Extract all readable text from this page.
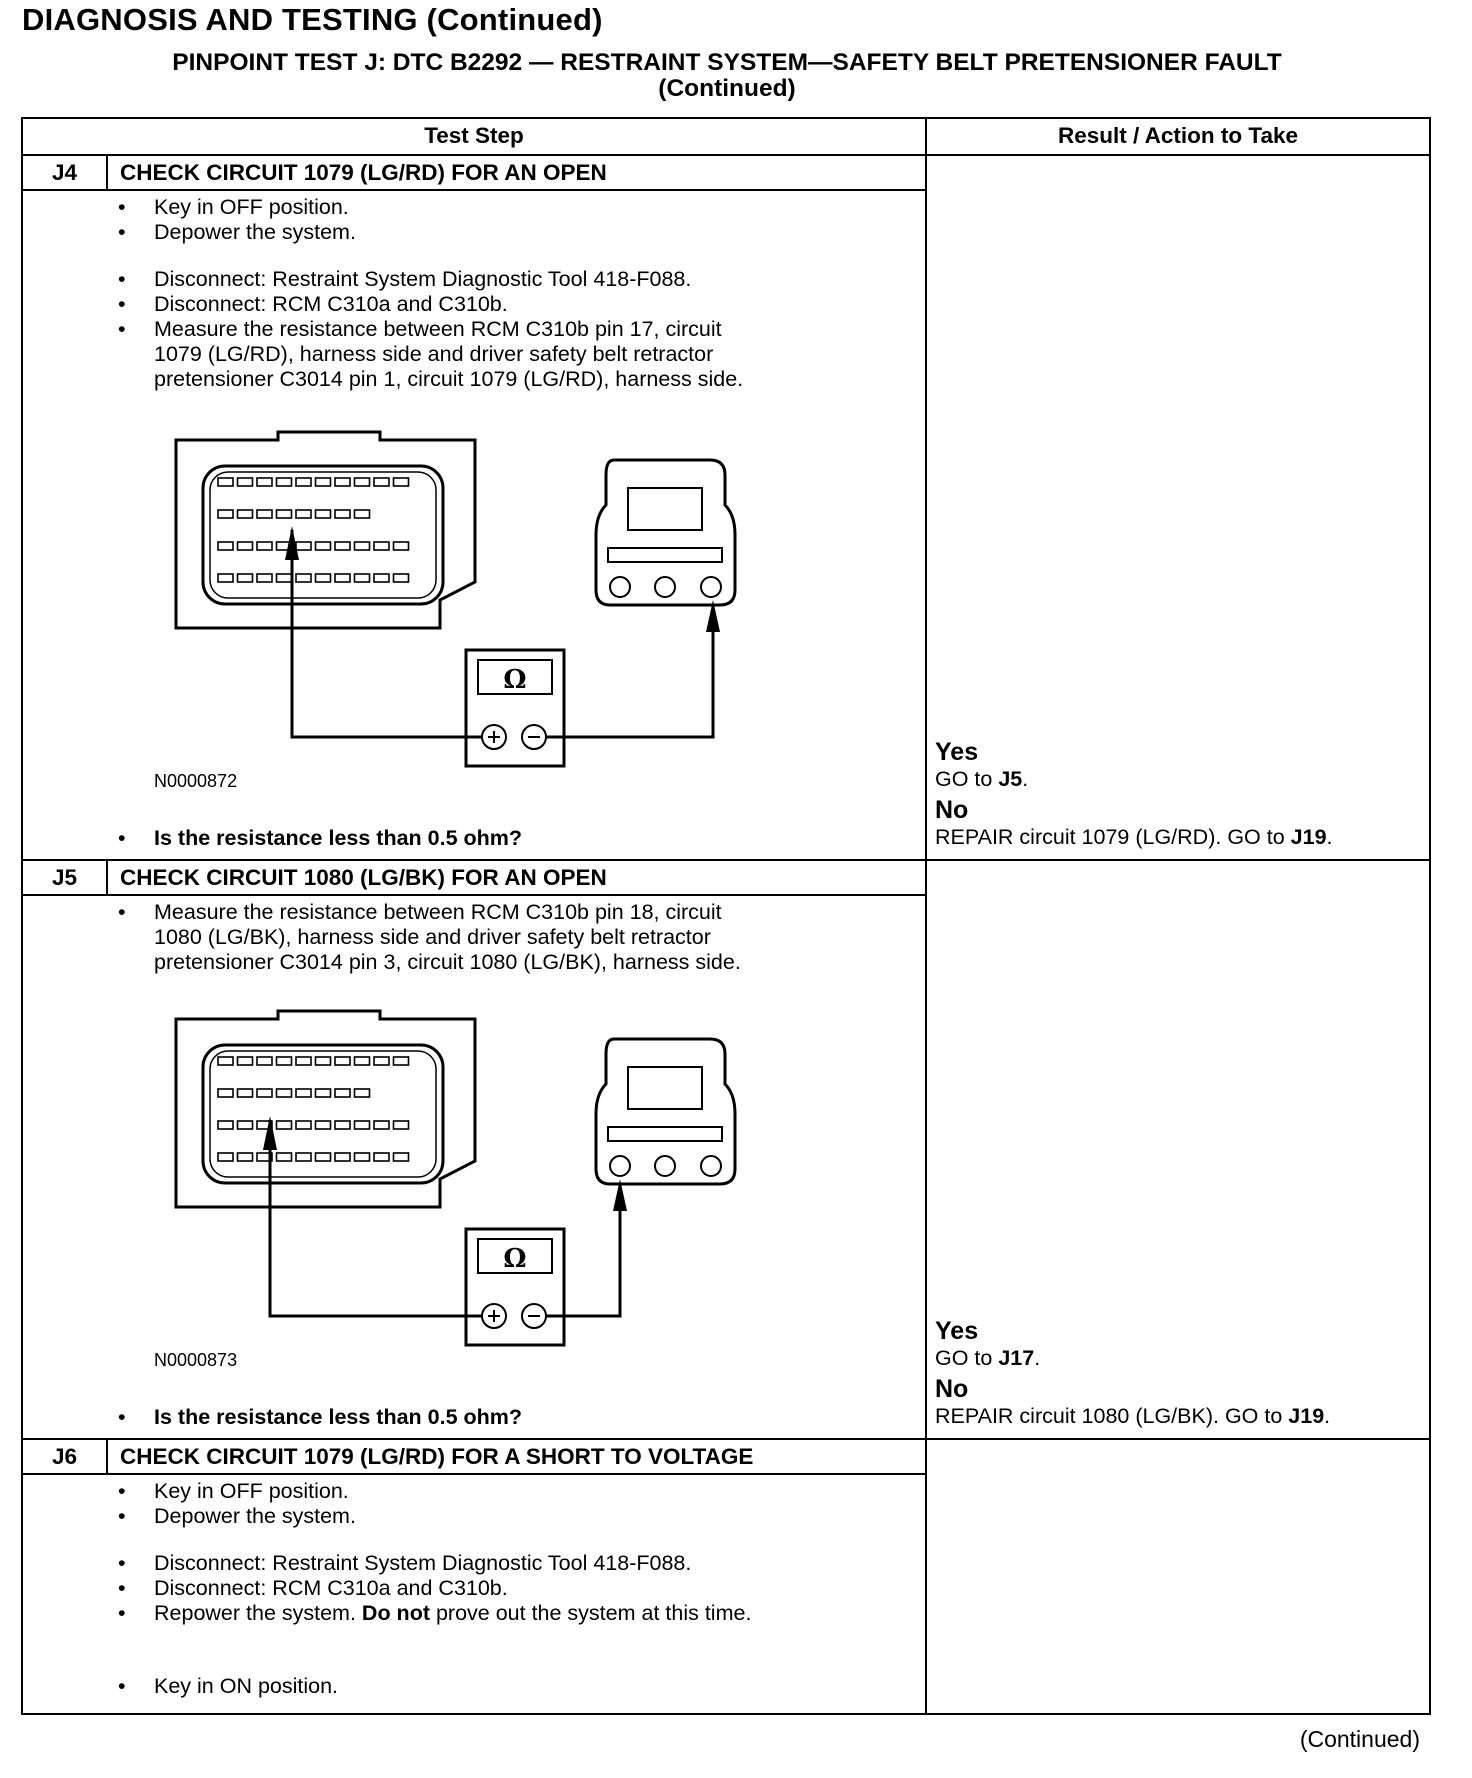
DIAGNOSIS AND TESTING (Continued)
PINPOINT TEST J: DTC B2292 — RESTRAINT SYSTEM—SAFETY BELT PRETENSIONER FAULT
(Continued)
Test Step	Result / Action to Take
J4	CHECK CIRCUIT 1079 (LG/RD) FOR AN OPEN
• Key in OFF position.
• Depower the system.
• Disconnect: Restraint System Diagnostic Tool 418-F088.
• Disconnect: RCM C310a and C310b.
• Measure the resistance between RCM C310b pin 17, circuit
1079 (LG/RD), harness side and driver safety belt retractor
pretensioner C3014 pin 1, circuit 1079 (LG/RD), harness side.
Ω
N0000872
• Is the resistance less than 0.5 ohm?
Yes
GO to J5.
No
REPAIR circuit 1079 (LG/RD). GO to J19.
J5	CHECK CIRCUIT 1080 (LG/BK) FOR AN OPEN
• Measure the resistance between RCM C310b pin 18, circuit
1080 (LG/BK), harness side and driver safety belt retractor
pretensioner C3014 pin 3, circuit 1080 (LG/BK), harness side.
Ω
N0000873
• Is the resistance less than 0.5 ohm?
Yes
GO to J17.
No
REPAIR circuit 1080 (LG/BK). GO to J19.
J6	CHECK CIRCUIT 1079 (LG/RD) FOR A SHORT TO VOLTAGE
• Key in OFF position.
• Depower the system.
• Disconnect: Restraint System Diagnostic Tool 418-F088.
• Disconnect: RCM C310a and C310b.
• Repower the system. Do not prove out the system at this time.
• Key in ON position.
(Continued)
